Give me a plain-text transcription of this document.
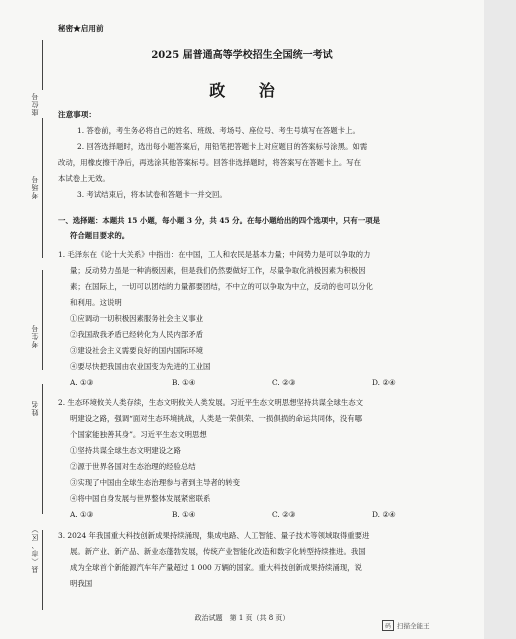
座位号
考场号
考生号
姓名
县（市、区）
秘密★启用前
2025 届普通高等学校招生全国统一考试
政 治
注意事项：
1. 答卷前，考生务必将自己的姓名、班级、考场号、座位号、考生号填写在答题卡上。
2. 回答选择题时，选出每小题答案后，用铅笔把答题卡上对应题目的答案标号涂黑。如需
改动，用橡皮擦干净后，再选涂其他答案标号。回答非选择题时，将答案写在答题卡上。写在
本试卷上无效。
3. 考试结束后，将本试卷和答题卡一并交回。
一、选择题：本题共 15 小题，每小题 3 分，共 45 分。在每小题给出的四个选项中，只有一项是
符合题目要求的。
1. 毛泽东在《论十大关系》中指出：在中国，工人和农民是基本力量；中间势力是可以争取的力
量；反动势力虽是一种消极因素，但是我们仍然要做好工作，尽量争取化消极因素为积极因
素；在国际上，一切可以团结的力量都要团结，不中立的可以争取为中立，反动的也可以分化
和利用。这说明
①应调动一切积极因素服务社会主义事业
②我国敌我矛盾已经转化为人民内部矛盾
③建设社会主义需要良好的国内国际环境
④要尽快把我国由农业国变为先进的工业国
A. ①③	B. ①④	C. ②③	D. ②④
2. 生态环境攸关人类存续，生态文明攸关人类发展。习近平生态文明思想坚持共谋全球生态文
明建设之路，强调“面对生态环境挑战，人类是一荣俱荣、一损俱损的命运共同体，没有哪
个国家能独善其身”。习近平生态文明思想
①坚持共谋全球生态文明建设之路
②源于世界各国对生态治理的经验总结
③实现了中国由全球生态治理参与者到主导者的转变
④将中国自身发展与世界整体发展紧密联系
A. ①③	B. ①④	C. ②③	D. ②④
3. 2024 年我国重大科技创新成果持续涌现，集成电路、人工智能、量子技术等领域取得重要进
展。新产业、新产品、新业态蓬勃发展，传统产业智能化改造和数字化转型持续推进。我国
成为全球首个新能源汽车年产量超过 1 000 万辆的国家。重大科技创新成果持续涌现，说
明我国
政治试题　第 1 页（共 8 页）
码 扫描全能王
